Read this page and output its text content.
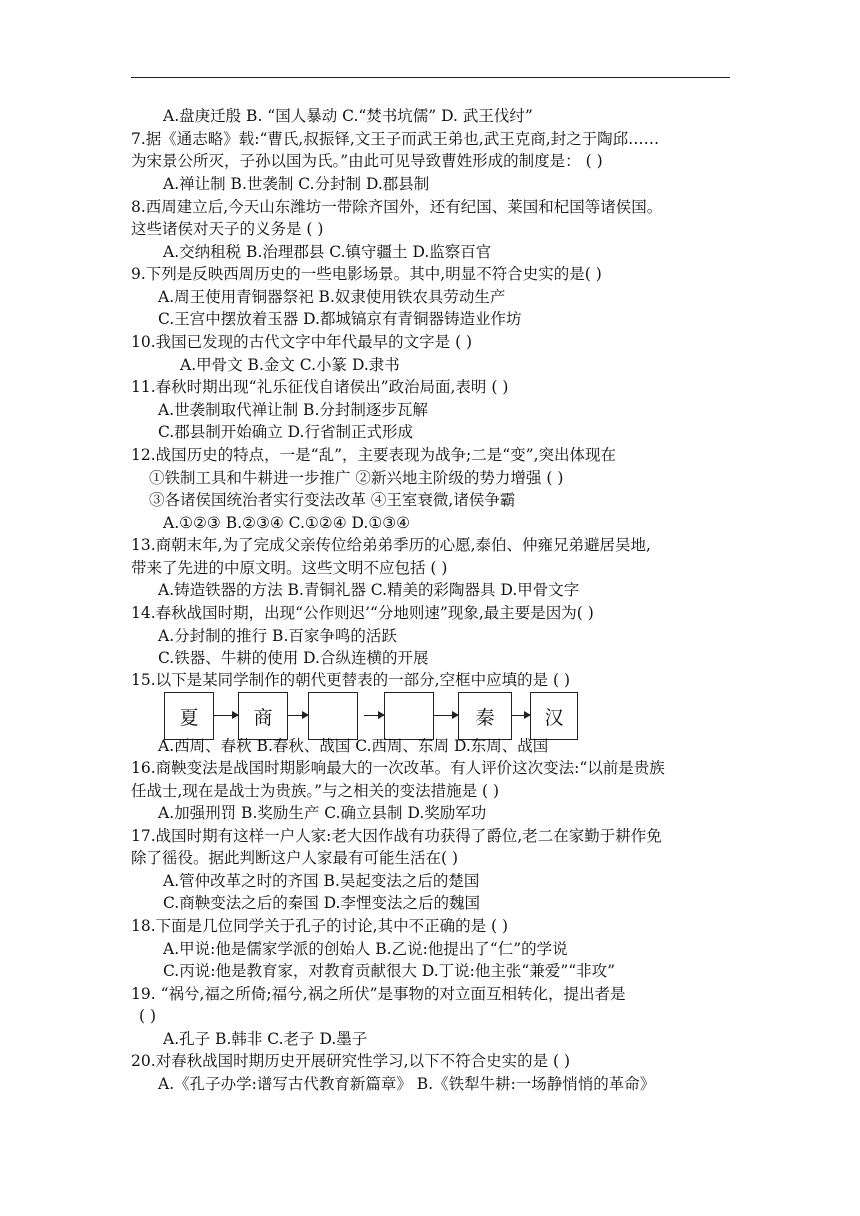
A.盘庚迁殷 B. “国人暴动 C.“焚书坑儒” D. 武王伐纣”
7.据《通志略》载:“曹氏,叔振铎,文王子而武王弟也,武王克商,封之于陶邱……
为宋景公所灭，子孙以国为氏。”由此可见导致曹姓形成的制度是： ( )
A.禅让制 B.世袭制 C.分封制 D.郡县制
8.西周建立后,今天山东潍坊一带除齐国外，还有纪国、莱国和杞国等诸侯国。
这些诸侯对天子的义务是 ( )
A.交纳租税 B.治理郡县 C.镇守疆土 D.监察百官
9.下列是反映西周历史的一些电影场景。其中,明显不符合史实的是( )
A.周王使用青铜器祭祀 B.奴隶使用铁农具劳动生产
C.王宫中摆放着玉器 D.都城镐京有青铜器铸造业作坊
10.我国已发现的古代文字中年代最早的文字是 ( )
A.甲骨文 B.金文 C.小篆 D.隶书
11.春秋时期出现“礼乐征伐自诸侯出”政治局面,表明 ( )
A.世袭制取代禅让制 B.分封制逐步瓦解
C.郡县制开始确立 D.行省制正式形成
12.战国历史的特点，一是“乱”，主要表现为战争;二是“变”,突出体现在
①铁制工具和牛耕进一步推广 ②新兴地主阶级的势力增强 ( )
③各诸侯国统治者实行变法改革 ④王室衰微,诸侯争霸
A.①②③ B.②③④ C.①②④ D.①③④
13.商朝末年,为了完成父亲传位给弟弟季历的心愿,泰伯、仲雍兄弟避居吴地,
带来了先进的中原文明。这些文明不应包括 ( )
A.铸造铁器的方法 B.青铜礼器 C.精美的彩陶器具 D.甲骨文字
14.春秋战国时期，出现“公作则迟’“分地则速”现象,最主要是因为( )
A.分封制的推行 B.百家争鸣的活跃
C.铁器、牛耕的使用 D.合纵连横的开展
15.以下是某同学制作的朝代更替表的一部分,空框中应填的是 ( )
夏	商	秦	汉
A.西周、春秋 B.春秋、战国 C.西周、东周 D.东周、战国
16.商鞅变法是战国时期影响最大的一次改革。有人评价这次变法:“以前是贵族
任战士,现在是战士为贵族。”与之相关的变法措施是 ( )
A.加强刑罚 B.奖励生产 C.确立县制 D.奖励军功
17.战国时期有这样一户人家:老大因作战有功获得了爵位,老二在家勤于耕作免
除了徭役。据此判断这户人家最有可能生活在( )
A.管仲改革之时的齐国 B.吴起变法之后的楚国
C.商鞅变法之后的秦国 D.李悝变法之后的魏国
18.下面是几位同学关于孔子的讨论,其中不正确的是 ( )
A.甲说:他是儒家学派的创始人 B.乙说:他提出了“仁”的学说
C.丙说:他是教育家，对教育贡献很大 D.丁说:他主张“兼爱”“非攻”
19. “祸兮,福之所倚;福兮,祸之所伏”是事物的对立面互相转化，提出者是
( )
A.孔子 B.韩非 C.老子 D.墨子
20.对春秋战国时期历史开展研究性学习,以下不符合史实的是 ( )
A.《孔子办学:谱写古代教育新篇章》 B.《铁犁牛耕:一场静悄悄的革命》
